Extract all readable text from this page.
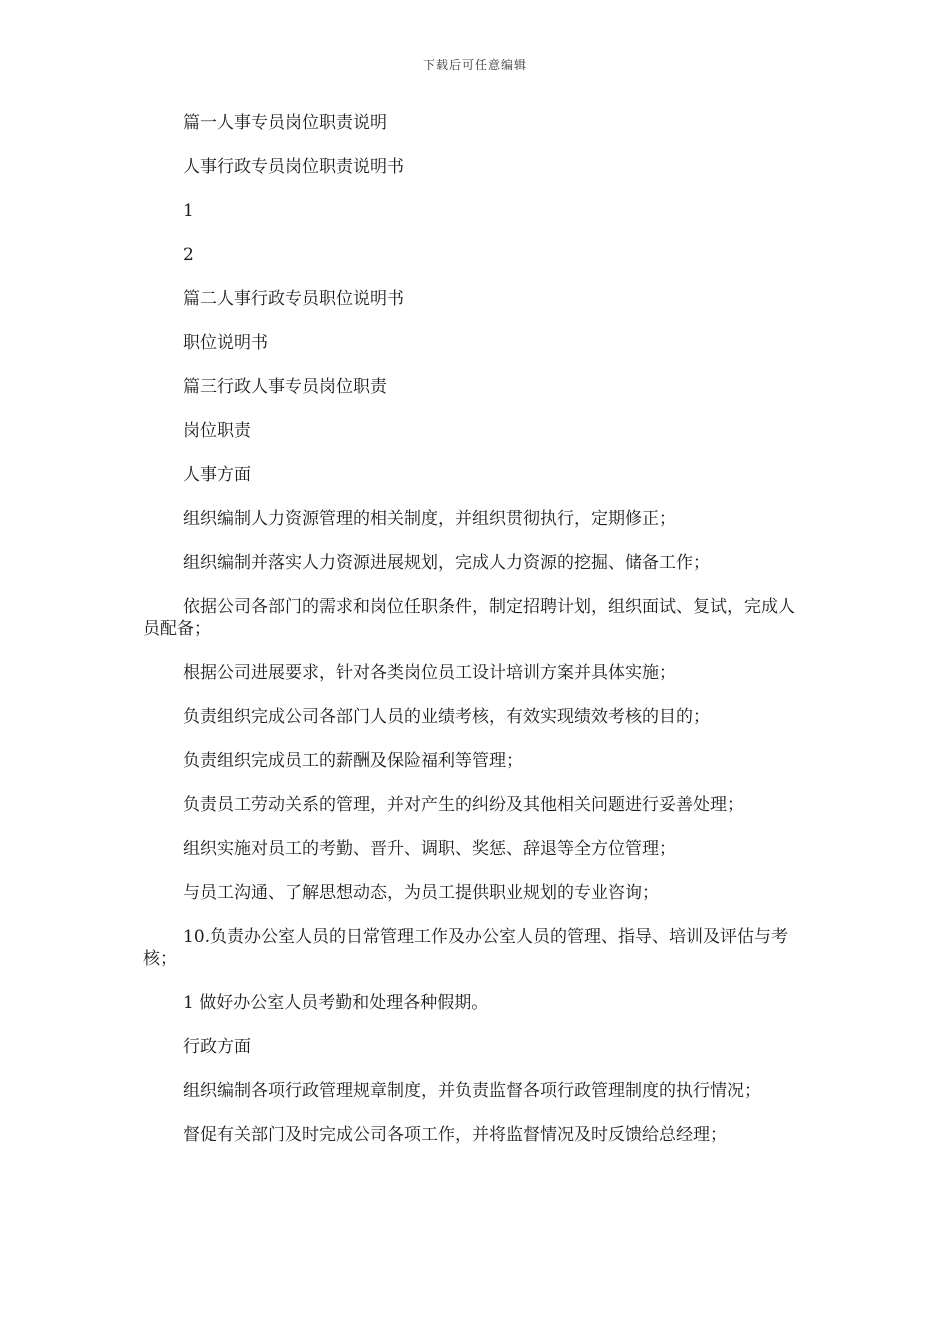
下载后可任意编辑

篇一人事专员岗位职责说明

人事行政专员岗位职责说明书

1

2

篇二人事行政专员职位说明书

职位说明书

篇三行政人事专员岗位职责

岗位职责

人事方面

组织编制人力资源管理的相关制度，并组织贯彻执行，定期修正；

组织编制并落实人力资源进展规划，完成人力资源的挖掘、储备工作；

依据公司各部门的需求和岗位任职条件，制定招聘计划，组织面试、复试，完成人员配备；

根据公司进展要求，针对各类岗位员工设计培训方案并具体实施；

负责组织完成公司各部门人员的业绩考核，有效实现绩效考核的目的；

负责组织完成员工的薪酬及保险福利等管理；

负责员工劳动关系的管理，并对产生的纠纷及其他相关问题进行妥善处理；

组织实施对员工的考勤、晋升、调职、奖惩、辞退等全方位管理；

与员工沟通、了解思想动态，为员工提供职业规划的专业咨询；

10.负责办公室人员的日常管理工作及办公室人员的管理、指导、培训及评估与考核；

1 做好办公室人员考勤和处理各种假期。

行政方面

组织编制各项行政管理规章制度，并负责监督各项行政管理制度的执行情况；

督促有关部门及时完成公司各项工作，并将监督情况及时反馈给总经理；
